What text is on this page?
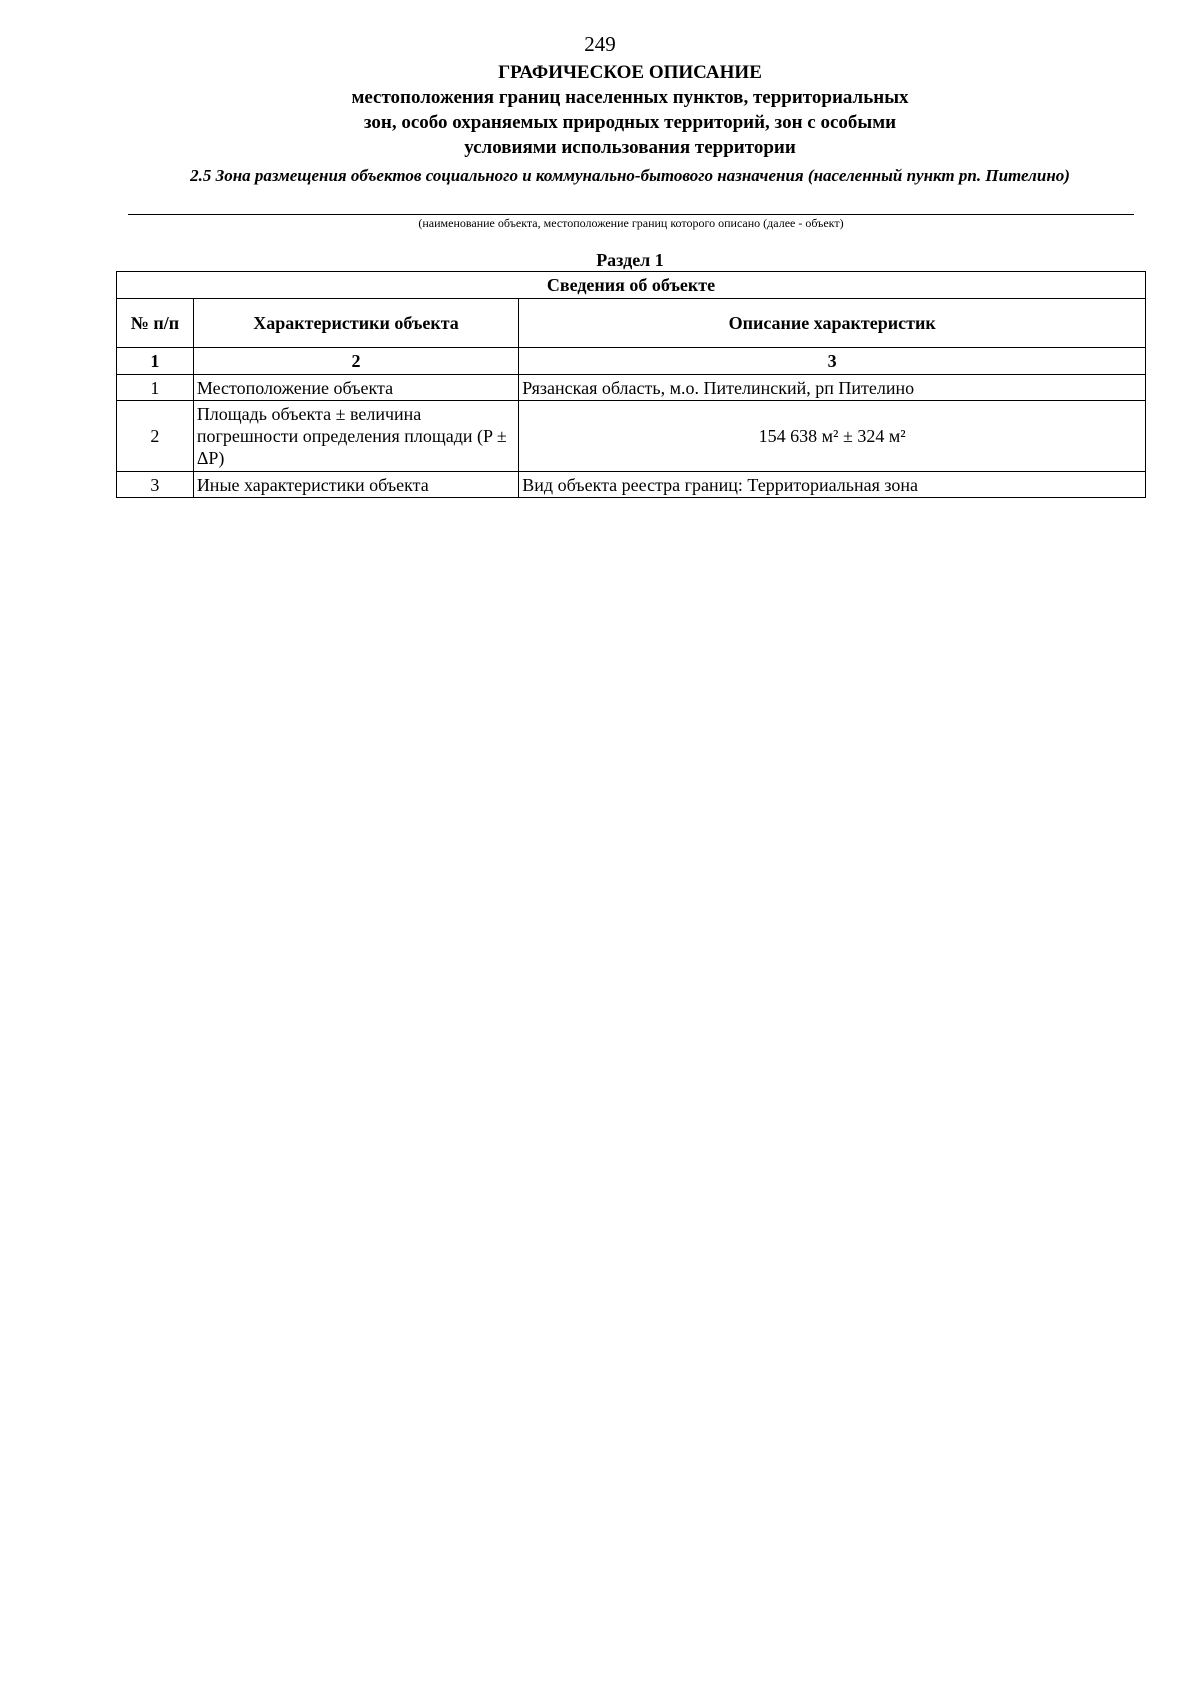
249
ГРАФИЧЕСКОЕ ОПИСАНИЕ
местоположения границ населенных пунктов, территориальных
зон, особо охраняемых природных территорий, зон с особыми
условиями использования территории
2.5 Зона размещения объектов социального и коммунально-бытового назначения (населенный пункт рп. Пителино)
(наименование объекта, местоположение границ которого описано (далее - объект)
Раздел 1
Сведения об объекте		
№ п/п	Характеристики объекта	Описание характеристик
1	2	3
1	Местоположение объекта	Рязанская область, м.о. Пителинский, рп Пителино
2	Площадь объекта ± величина погрешности определения площади (P ± ΔP)	154 638 м² ± 324 м²
3	Иные характеристики объекта	Вид объекта реестра границ: Территориальная зона
